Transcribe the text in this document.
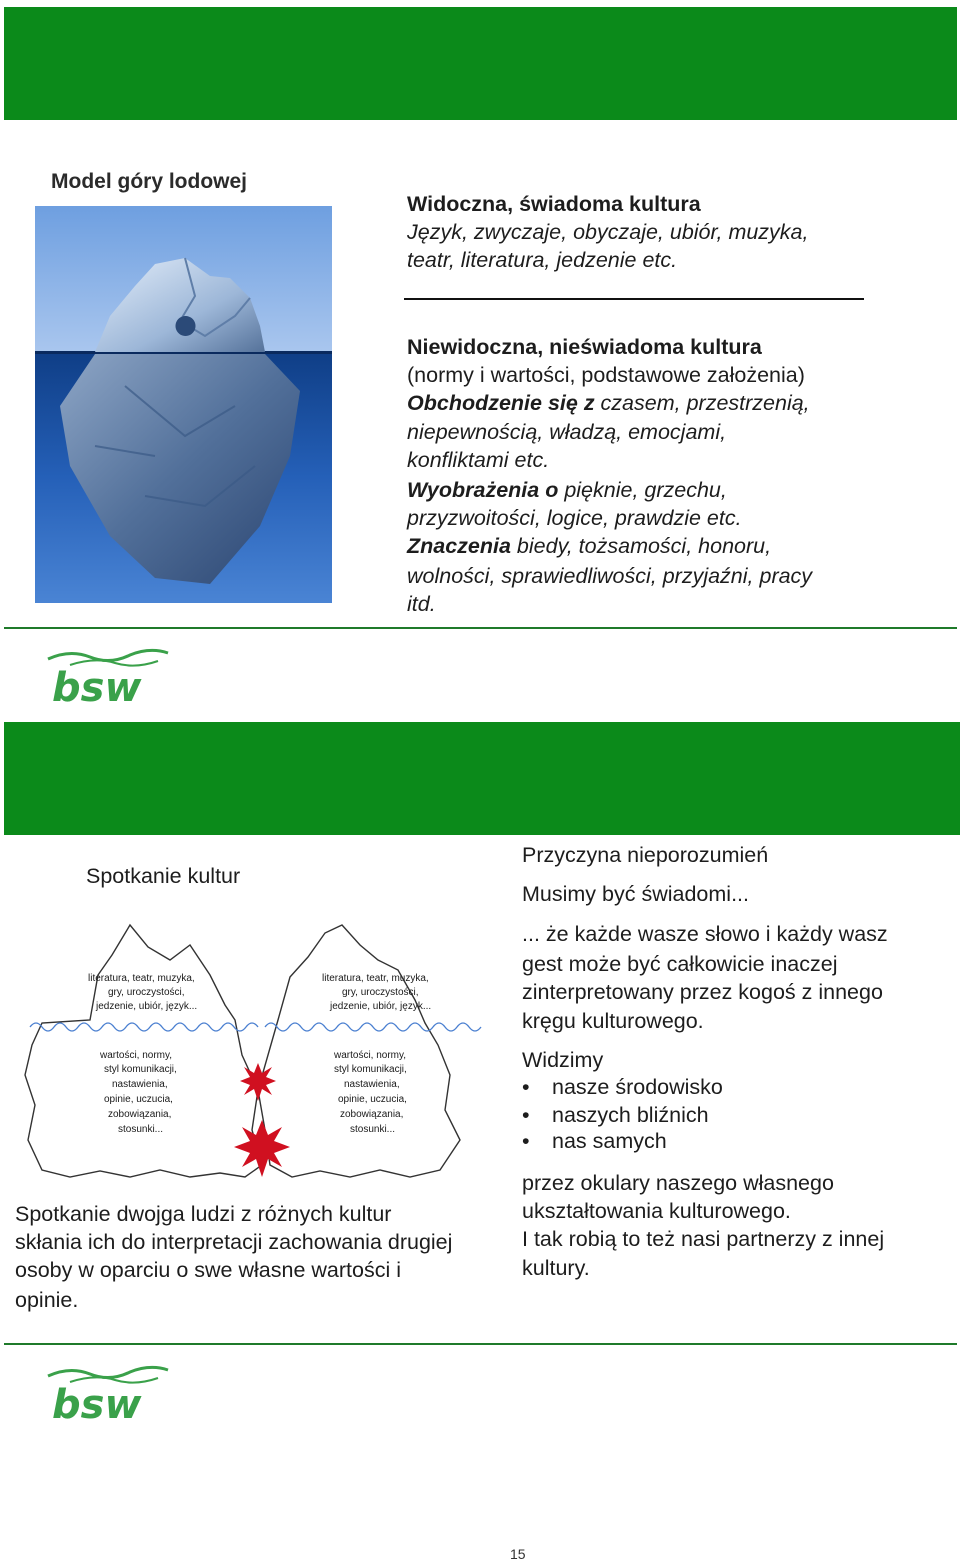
Model góry lodowej
Widoczna, świadoma kultura
Język, zwyczaje, obyczaje, ubiór, muzyka,
teatr, literatura, jedzenie etc.
Niewidoczna, nieświadoma kultura
(normy i wartości, podstawowe założenia)
Obchodzenie się z czasem, przestrzenią,
niepewnością, władzą, emocjami,
konfliktami etc.
Wyobrażenia o pięknie, grzechu,
przyzwoitości, logice, prawdzie etc.
Znaczenia biedy, tożsamości, honoru,
wolności, sprawiedliwości, przyjaźni, pracy
itd.
bsw
Spotkanie kultur
literatura, teatr, muzyka,
gry, uroczystości,
jedzenie, ubiór, język...
literatura, teatr, muzyka,
gry, uroczystości,
jedzenie, ubiór, język...
wartości, normy,
styl komunikacji,
nastawienia,
opinie, uczucia,
zobowiązania,
stosunki...
wartości, normy,
styl komunikacji,
nastawienia,
opinie, uczucia,
zobowiązania,
stosunki...
Spotkanie dwojga ludzi z różnych kultur
skłania ich do interpretacji zachowania drugiej
osoby w oparciu o swe własne wartości i
opinie.
Przyczyna nieporozumień
Musimy być świadomi...
... że każde wasze słowo i każdy wasz
gest może być całkowicie inaczej
zinterpretowany przez kogoś z innego
kręgu kulturowego.
Widzimy
• nasze środowisko
• naszych bliźnich
• nas samych
przez okulary naszego własnego
ukształtowania kulturowego.
I tak robią to też nasi partnerzy z innej
kultury.
bsw
15
